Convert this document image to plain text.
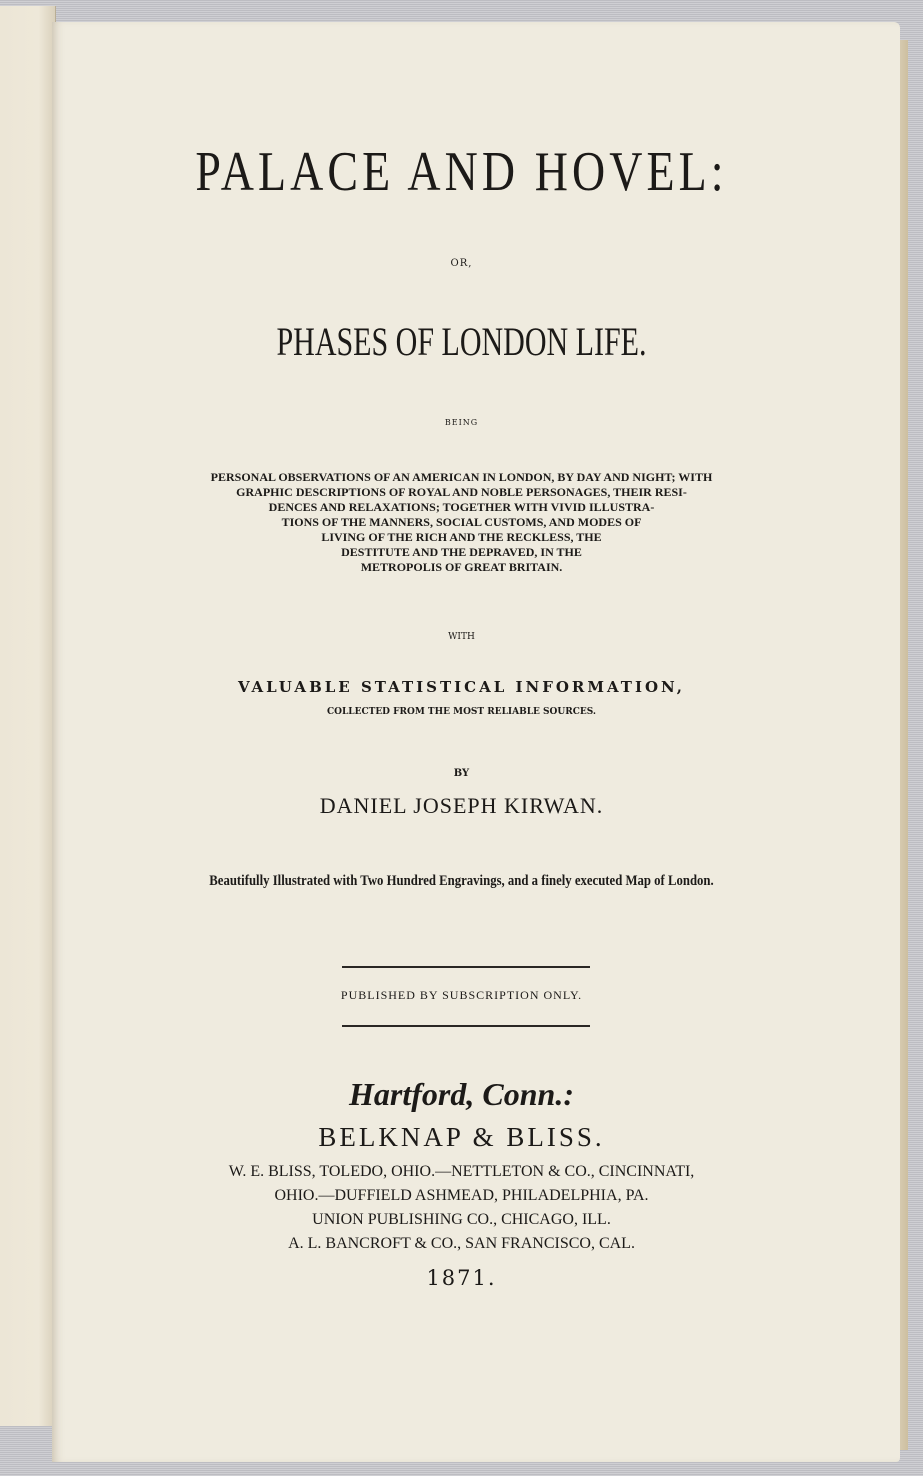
PALACE AND HOVEL:
OR,
PHASES OF LONDON LIFE.
BEING
PERSONAL OBSERVATIONS OF AN AMERICAN IN LONDON, BY DAY AND NIGHT; WITH
GRAPHIC DESCRIPTIONS OF ROYAL AND NOBLE PERSONAGES, THEIR RESI-
DENCES AND RELAXATIONS; TOGETHER WITH VIVID ILLUSTRA-
TIONS OF THE MANNERS, SOCIAL CUSTOMS, AND MODES OF
LIVING OF THE RICH AND THE RECKLESS, THE
DESTITUTE AND THE DEPRAVED, IN THE
METROPOLIS OF GREAT BRITAIN.
WITH
VALUABLE STATISTICAL INFORMATION,
COLLECTED FROM THE MOST RELIABLE SOURCES.
BY
DANIEL JOSEPH KIRWAN.
Beautifully Illustrated with Two Hundred Engravings, and a finely executed Map of London.
PUBLISHED BY SUBSCRIPTION ONLY.
Hartford, Conn.:
BELKNAP & BLISS.
W. E. BLISS, TOLEDO, OHIO.—NETTLETON & CO., CINCINNATI,
OHIO.—DUFFIELD ASHMEAD, PHILADELPHIA, PA.
UNION PUBLISHING CO., CHICAGO, ILL.
A. L. BANCROFT & CO., SAN FRANCISCO, CAL.
1871.
